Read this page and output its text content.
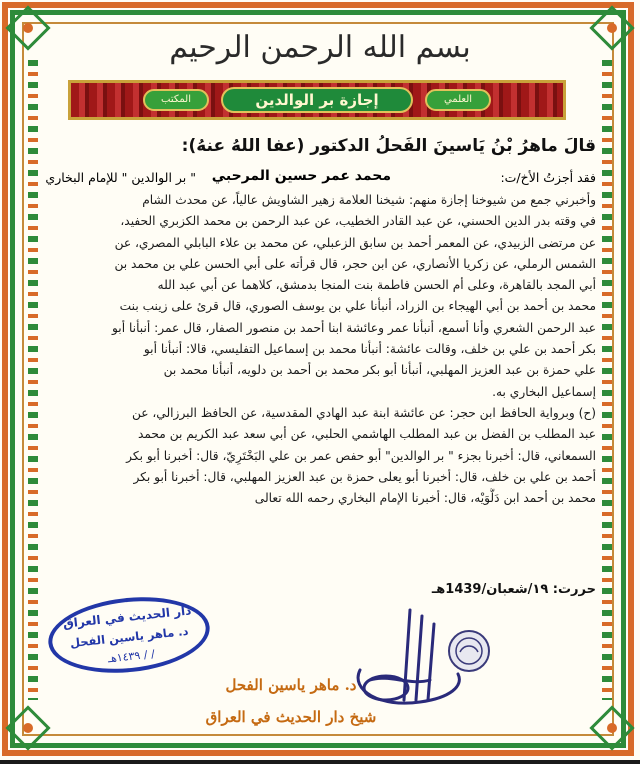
بسم الله الرحمن الرحيم
المكتب	إجازة بر الوالدين	العلمي
قالَ ماهرُ بْنُ يَاسينَ الفَحلُ الدكتور (عفا اللهُ عنهُ):
فقد أجزتُ الأخ/ت:
محمد عمر حسين المرحبي
" بر الوالدين " للإمام البخاري
وأخبرني جمع من شيوخنا إجازة منهم: شيخنا العلامة زهير الشاويش عالياً، عن محدث الشام
في وقته بدر الدين الحسني، عن عبد القادر الخطيب، عن عبد الرحمن بن محمد الكزبري الحفيد،
عن مرتضى الزبيدي، عن المعمر أحمد بن سابق الزعبلي، عن محمد بن علاء البابلي المصري، عن
الشمس الرملي، عن زكريا الأنصاري، عن ابن حجر، قال قرأته على أبي الحسن علي بن محمد بن
أبي المجد بالقاهرة، وعلى أم الحسن فاطمة بنت المنجا بدمشق، كلاهما عن أبي عبد الله
محمد بن أحمد بن أبي الهيجاء بن الزراد، أنبأنا علي بن يوسف الصوري، قال قرئ على زينب بنت
عبد الرحمن الشعري وأنا أسمع، أنبأنا عمر وعائشة ابنا أحمد بن منصور الصفار، قال عمر: أنبأنا أبو
بكر أحمد بن علي بن خلف، وقالت عائشة: أنبأنا محمد بن إسماعيل التفليسي، قالا: أنبأنا أبو
علي حمزة بن عبد العزيز المهلبي، أنبأنا أبو بكر محمد بن أحمد بن دلويه، أنبأنا محمد بن
إسماعيل البخاري به.
(ح) وبرواية الحافظ ابن حجر: عن عائشة ابنة عبد الهادي المقدسية، عن الحافظ البرزالي، عن
عبد المطلب بن الفضل بن عبد المطلب الهاشمي الحلبي، عن أبي سعد عبد الكريم بن محمد
السمعاني، قال: أخبرنا بجزء " بر الوالدين" أبو حفص عمر بن علي البَخْتَرِيّ، قال: أخبرنا أبو بكر
أحمد بن علي بن خلف، قال: أخبرنا أبو يعلى حمزة بن عبد العزيز المهلبي، قال: أخبرنا أبو بكر
محمد بن أحمد ابن دَلُّوَيْه، قال: أخبرنا الإمام البخاري رحمه الله تعالى
حررت: ١٩/شعبان/1439هـ
دار الحديث في العراق
د. ماهر ياسين الفحل
/ / ١٤٣٩هـ
د. ماهر ياسين الفحل
شيخ دار الحديث في العراق
